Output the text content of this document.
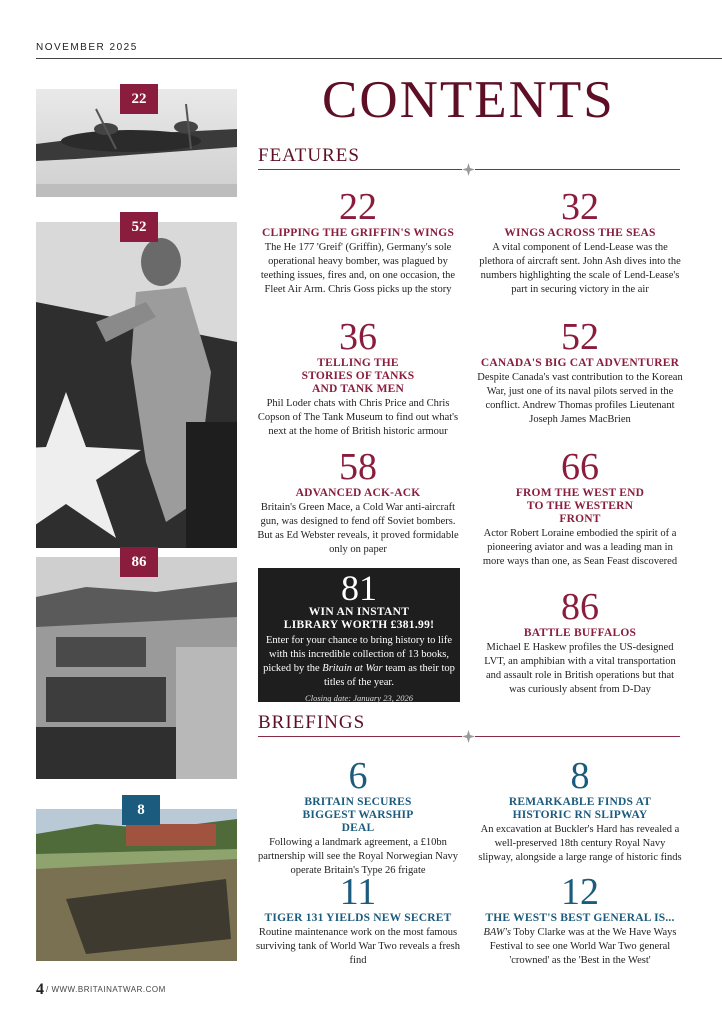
NOVEMBER 2025
CONTENTS
FEATURES
22
52
86
8
22
CLIPPING THE GRIFFIN'S WINGS
The He 177 'Greif' (Griffin), Germany's sole operational heavy bomber, was plagued by teething issues, fires and, on one occasion, the Fleet Air Arm. Chris Goss picks up the story
32
WINGS ACROSS THE SEAS
A vital component of Lend-Lease was the plethora of aircraft sent. John Ash dives into the numbers highlighting the scale of Lend-Lease's part in securing victory in the air
36
TELLING THE STORIES OF TANKS AND TANK MEN
Phil Loder chats with Chris Price and Chris Copson of The Tank Museum to find out what's next at the home of British historic armour
52
CANADA'S BIG CAT ADVENTURER
Despite Canada's vast contribution to the Korean War, just one of its naval pilots served in the conflict. Andrew Thomas profiles Lieutenant Joseph James MacBrien
58
ADVANCED ACK-ACK
Britain's Green Mace, a Cold War anti-aircraft gun, was designed to fend off Soviet bombers. But as Ed Webster reveals, it proved formidable only on paper
66
FROM THE WEST END TO THE WESTERN FRONT
Actor Robert Loraine embodied the spirit of a pioneering aviator and was a leading man in more ways than one, as Sean Feast discovered
81
WIN AN INSTANT LIBRARY WORTH £381.99!
Enter for your chance to bring history to life with this incredible collection of 13 books, picked by the Britain at War team as their top titles of the year.
Closing date: January 23, 2026
86
BATTLE BUFFALOS
Michael E Haskew profiles the US-designed LVT, an amphibian with a vital transportation and assault role in British operations but that was curiously absent from D-Day
BRIEFINGS
6
BRITAIN SECURES BIGGEST WARSHIP DEAL
Following a landmark agreement, a £10bn partnership will see the Royal Norwegian Navy operate Britain's Type 26 frigate
8
REMARKABLE FINDS AT HISTORIC RN SLIPWAY
An excavation at Buckler's Hard has revealed a well-preserved 18th century Royal Navy slipway, alongside a large range of historic finds
11
TIGER 131 YIELDS NEW SECRET
Routine maintenance work on the most famous surviving tank of World War Two reveals a fresh find
12
THE WEST'S BEST GENERAL IS...
BAW's Toby Clarke was at the We Have Ways Festival to see one World War Two general 'crowned' as the 'Best in the West'
4 / WWW.BRITAINATWAR.COM
